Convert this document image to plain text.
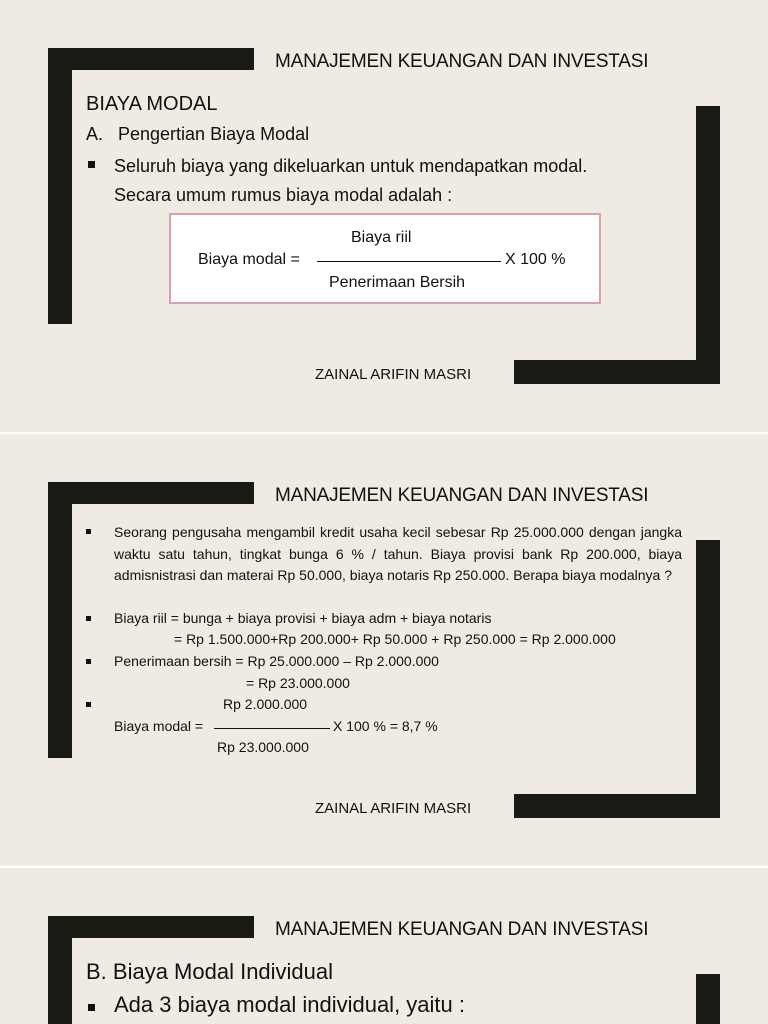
MANAJEMEN KEUANGAN DAN INVESTASI
BIAYA MODAL
A. Pengertian Biaya Modal
Seluruh biaya yang dikeluarkan untuk mendapatkan modal.
Secara umum rumus biaya modal adalah :
Biaya riil
Biaya modal =	X 100 %
Penerimaan Bersih
ZAINAL ARIFIN MASRI
MANAJEMEN KEUANGAN DAN INVESTASI
Seorang pengusaha mengambil kredit usaha kecil sebesar Rp 25.000.000 dengan jangka waktu satu tahun, tingkat bunga 6 % / tahun. Biaya provisi bank Rp 200.000, biaya admisnistrasi dan materai Rp 50.000, biaya notaris Rp 250.000. Berapa biaya modalnya ?
Biaya riil = bunga + biaya provisi + biaya adm + biaya notaris
= Rp 1.500.000+Rp 200.000+ Rp 50.000 + Rp 250.000 = Rp 2.000.000
Penerimaan bersih = Rp 25.000.000 – Rp 2.000.000
= Rp 23.000.000
Rp 2.000.000
Biaya modal =	X 100 % = 8,7 %
Rp 23.000.000
ZAINAL ARIFIN MASRI
MANAJEMEN KEUANGAN DAN INVESTASI
B. Biaya Modal Individual
Ada 3 biaya modal individual, yaitu :
